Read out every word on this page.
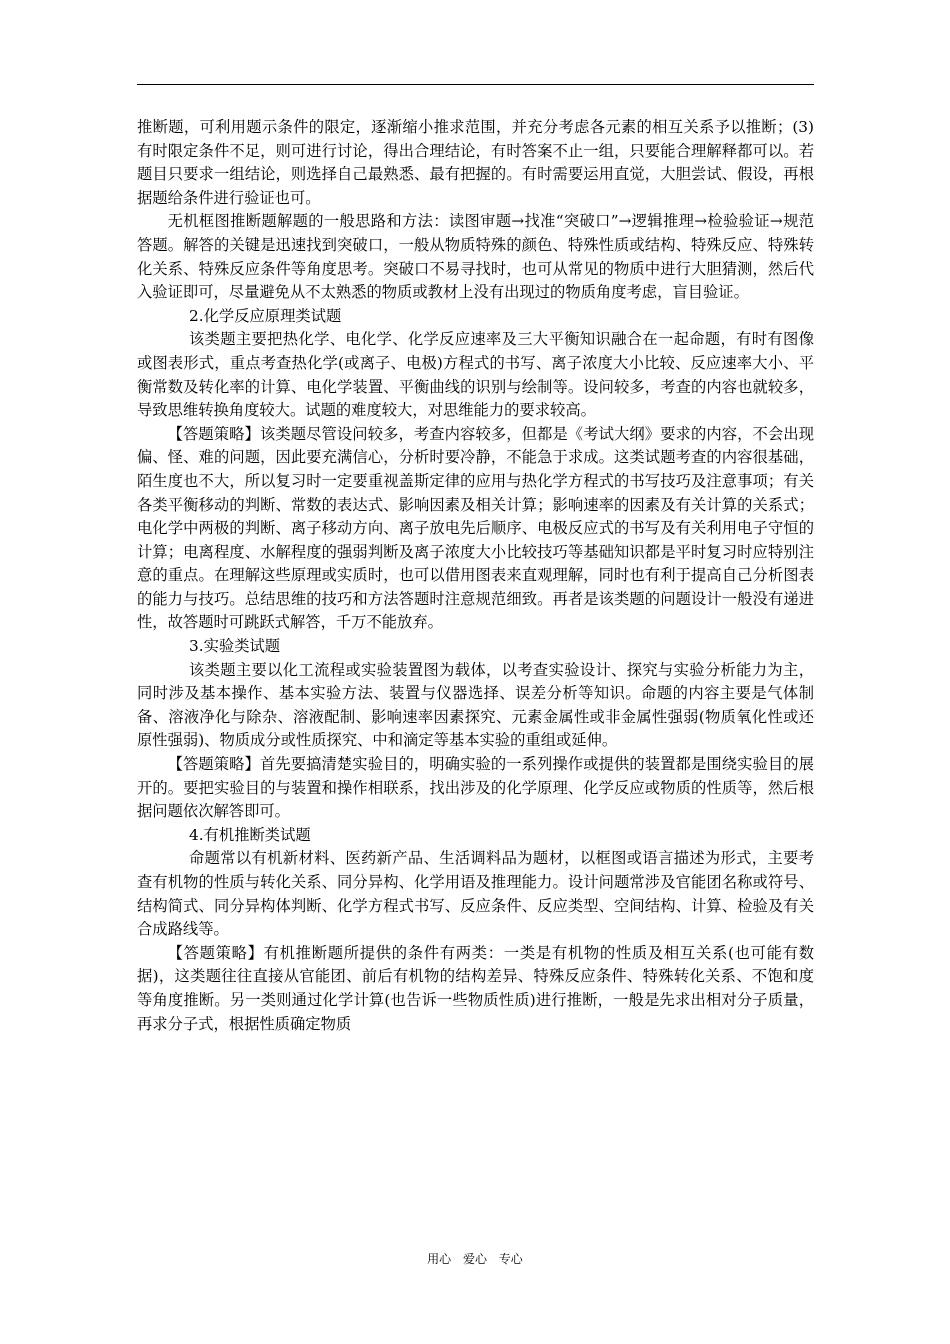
推断题，可利用题示条件的限定，逐渐缩小推求范围，并充分考虑各元素的相互关系予以推断；(3)有时限定条件不足，则可进行讨论，得出合理结论，有时答案不止一组，只要能合理解释都可以。若题目只要求一组结论，则选择自己最熟悉、最有把握的。有时需要运用直觉，大胆尝试、假设，再根据题给条件进行验证也可。

无机框图推断题解题的一般思路和方法：读图审题→找准“突破口”→逻辑推理→检验验证→规范答题。解答的关键是迅速找到突破口，一般从物质特殊的颜色、特殊性质或结构、特殊反应、特殊转化关系、特殊反应条件等角度思考。突破口不易寻找时，也可从常见的物质中进行大胆猜测，然后代入验证即可，尽量避免从不太熟悉的物质或教材上没有出现过的物质角度考虑，盲目验证。

2.化学反应原理类试题

该类题主要把热化学、电化学、化学反应速率及三大平衡知识融合在一起命题，有时有图像或图表形式，重点考查热化学(或离子、电极)方程式的书写、离子浓度大小比较、反应速率大小、平衡常数及转化率的计算、电化学装置、平衡曲线的识别与绘制等。设问较多，考查的内容也就较多，导致思维转换角度较大。试题的难度较大，对思维能力的要求较高。

【答题策略】该类题尽管设问较多，考查内容较多，但都是《考试大纲》要求的内容，不会出现偏、怪、难的问题，因此要充满信心，分析时要冷静，不能急于求成。这类试题考查的内容很基础，陌生度也不大，所以复习时一定要重视盖斯定律的应用与热化学方程式的书写技巧及注意事项；有关各类平衡移动的判断、常数的表达式、影响因素及相关计算；影响速率的因素及有关计算的关系式；电化学中两极的判断、离子移动方向、离子放电先后顺序、电极反应式的书写及有关利用电子守恒的计算；电离程度、水解程度的强弱判断及离子浓度大小比较技巧等基础知识都是平时复习时应特别注意的重点。在理解这些原理或实质时，也可以借用图表来直观理解，同时也有利于提高自己分析图表的能力与技巧。总结思维的技巧和方法答题时注意规范细致。再者是该类题的问题设计一般没有递进性，故答题时可跳跃式解答，千万不能放弃。

3.实验类试题

该类题主要以化工流程或实验装置图为载体，以考查实验设计、探究与实验分析能力为主，同时涉及基本操作、基本实验方法、装置与仪器选择、误差分析等知识。命题的内容主要是气体制备、溶液净化与除杂、溶液配制、影响速率因素探究、元素金属性或非金属性强弱(物质氧化性或还原性强弱)、物质成分或性质探究、中和滴定等基本实验的重组或延伸。

【答题策略】首先要搞清楚实验目的，明确实验的一系列操作或提供的装置都是围绕实验目的展开的。要把实验目的与装置和操作相联系，找出涉及的化学原理、化学反应或物质的性质等，然后根据问题依次解答即可。

4.有机推断类试题

命题常以有机新材料、医药新产品、生活调料品为题材，以框图或语言描述为形式，主要考查有机物的性质与转化关系、同分异构、化学用语及推理能力。设计问题常涉及官能团名称或符号、结构简式、同分异构体判断、化学方程式书写、反应条件、反应类型、空间结构、计算、检验及有关合成路线等。

【答题策略】有机推断题所提供的条件有两类：一类是有机物的性质及相互关系(也可能有数据)，这类题往往直接从官能团、前后有机物的结构差异、特殊反应条件、特殊转化关系、不饱和度等角度推断。另一类则通过化学计算(也告诉一些物质性质)进行推断，一般是先求出相对分子质量，再求分子式，根据性质确定物质

用心 爱心 专心
